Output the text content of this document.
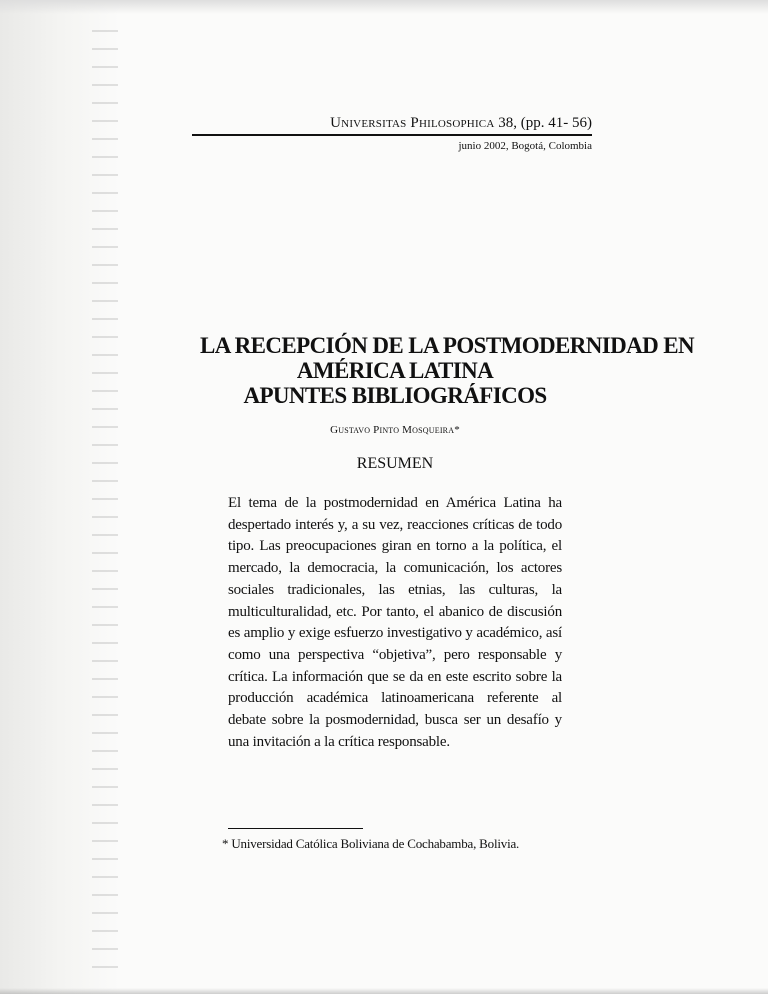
Universitas Philosophica 38, (pp. 41- 56)
junio 2002, Bogotá, Colombia
LA RECEPCIÓN DE LA POSTMODERNIDAD EN
AMÉRICA LATINA
APUNTES BIBLIOGRÁFICOS
Gustavo Pinto Mosqueira*
RESUMEN
El tema de la postmodernidad en América Latina ha despertado interés y, a su vez, reacciones críticas de todo tipo. Las preocupaciones giran en torno a la política, el mercado, la democracia, la comunicación, los actores sociales tradicionales, las etnias, las culturas, la multiculturalidad, etc. Por tanto, el abanico de discusión es amplio y exige esfuerzo investigativo y académico, así como una perspectiva “objetiva”, pero responsable y crítica. La información que se da en este escrito sobre la producción académica latinoamericana referente al debate sobre la posmodernidad, busca ser un desafío y una invitación a la crítica responsable.
* Universidad Católica Boliviana de Cochabamba, Bolivia.
